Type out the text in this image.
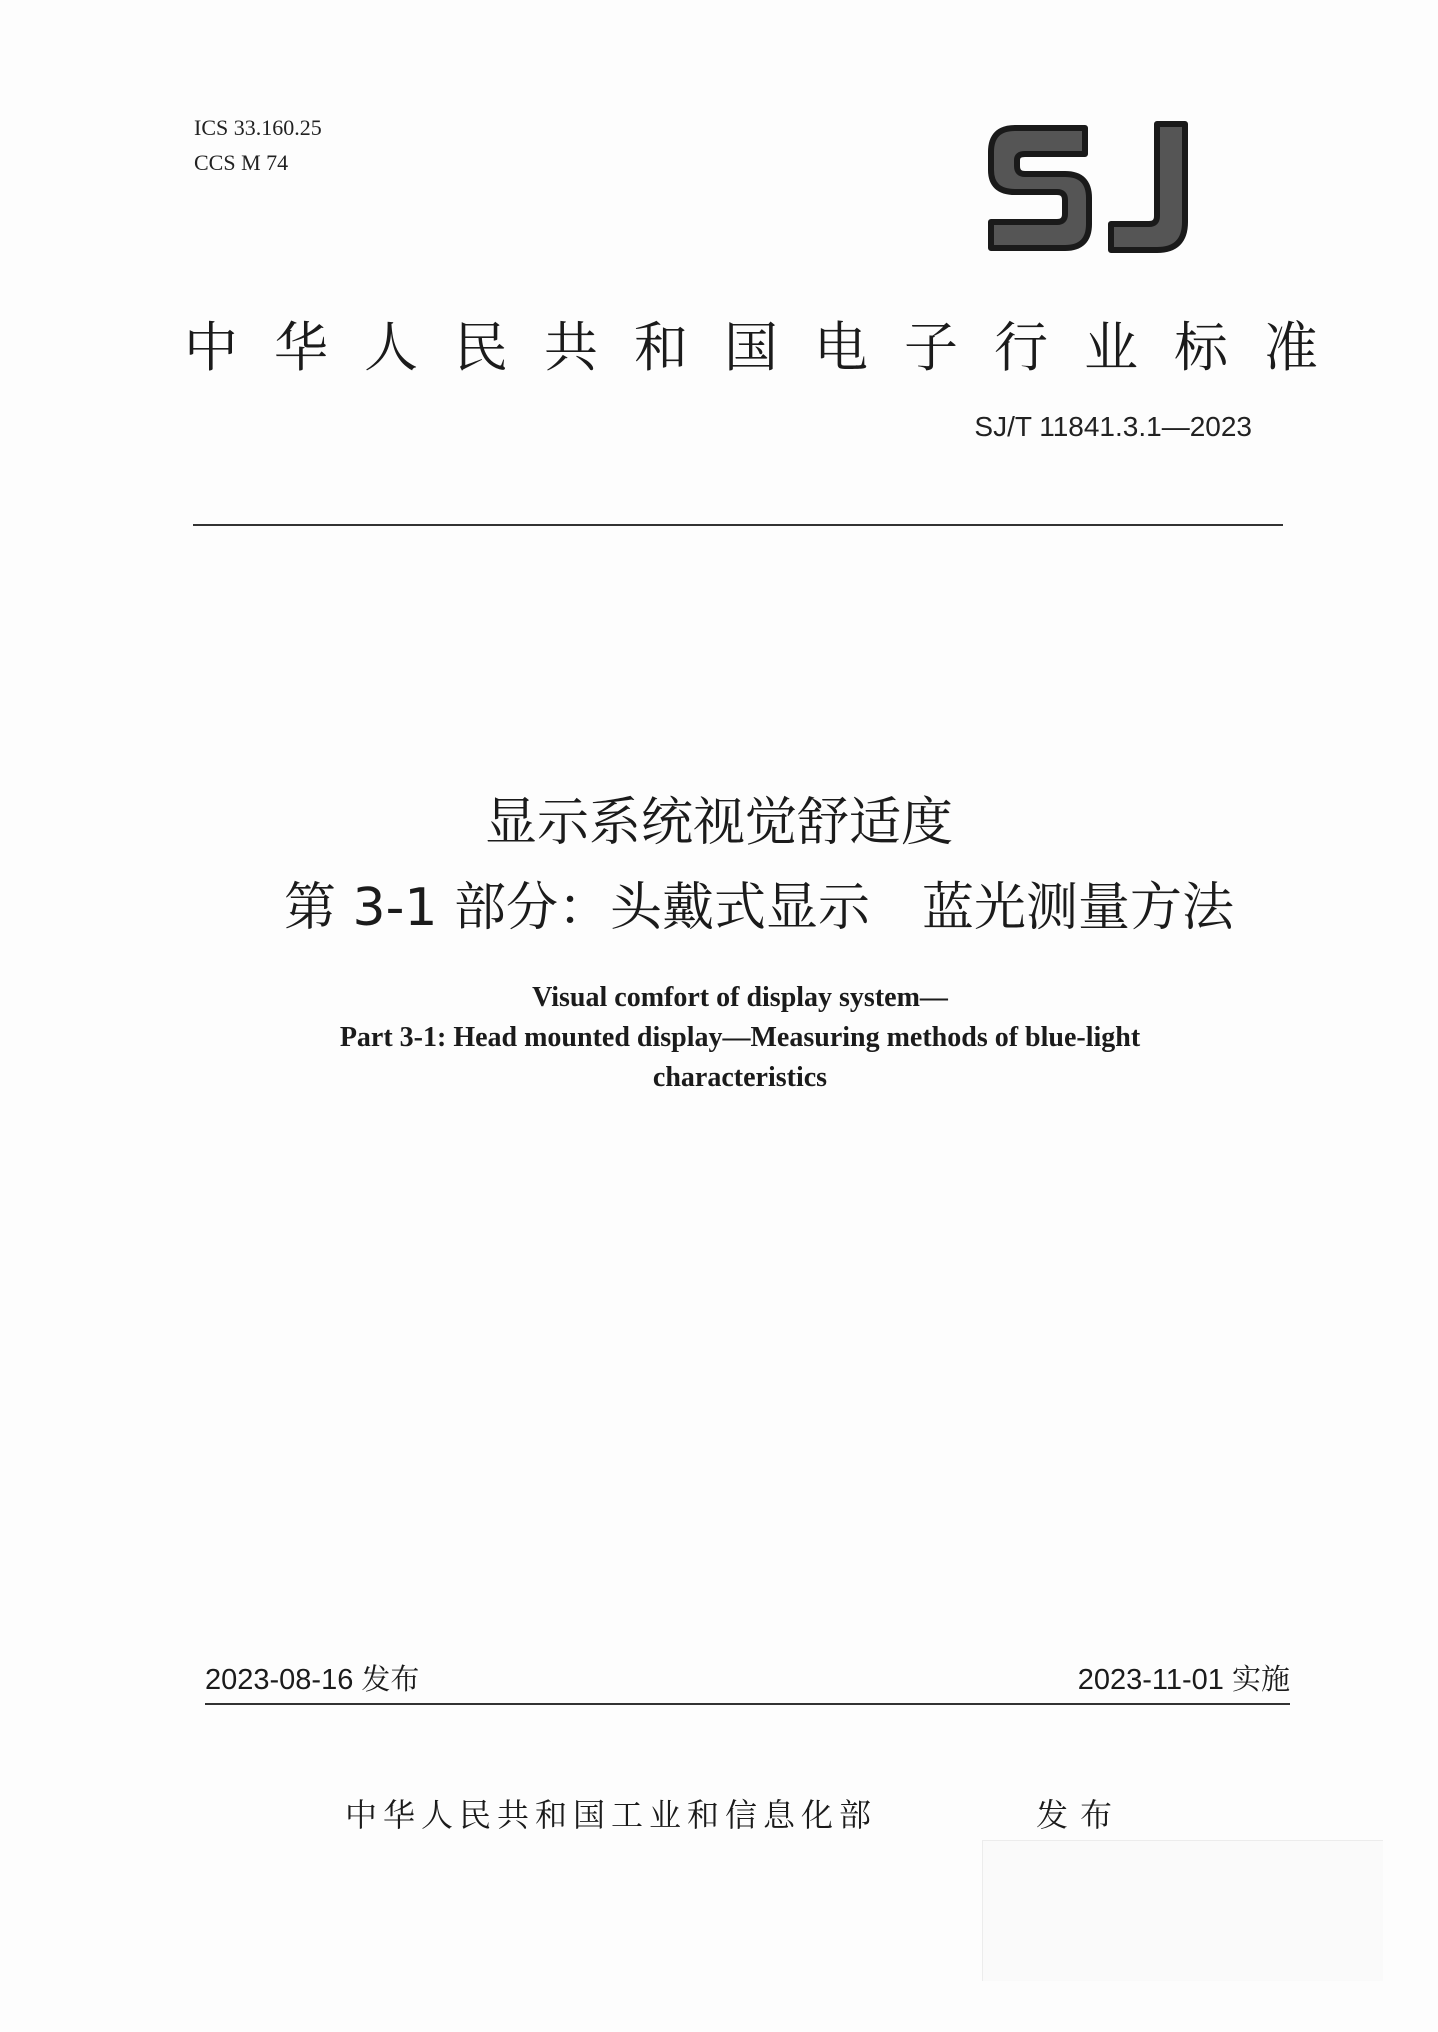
ICS 33.160.25
CCS M 74
中华人民共和国电子行业标准
SJ/T 11841.3.1—2023
显示系统视觉舒适度
第 3-1 部分：头戴式显示　蓝光测量方法
Visual comfort of display system—
Part 3-1: Head mounted display—Measuring methods of blue-light
characteristics
2023-08-16 发布	2023-11-01 实施
中华人民共和国工业和信息化部	发布
